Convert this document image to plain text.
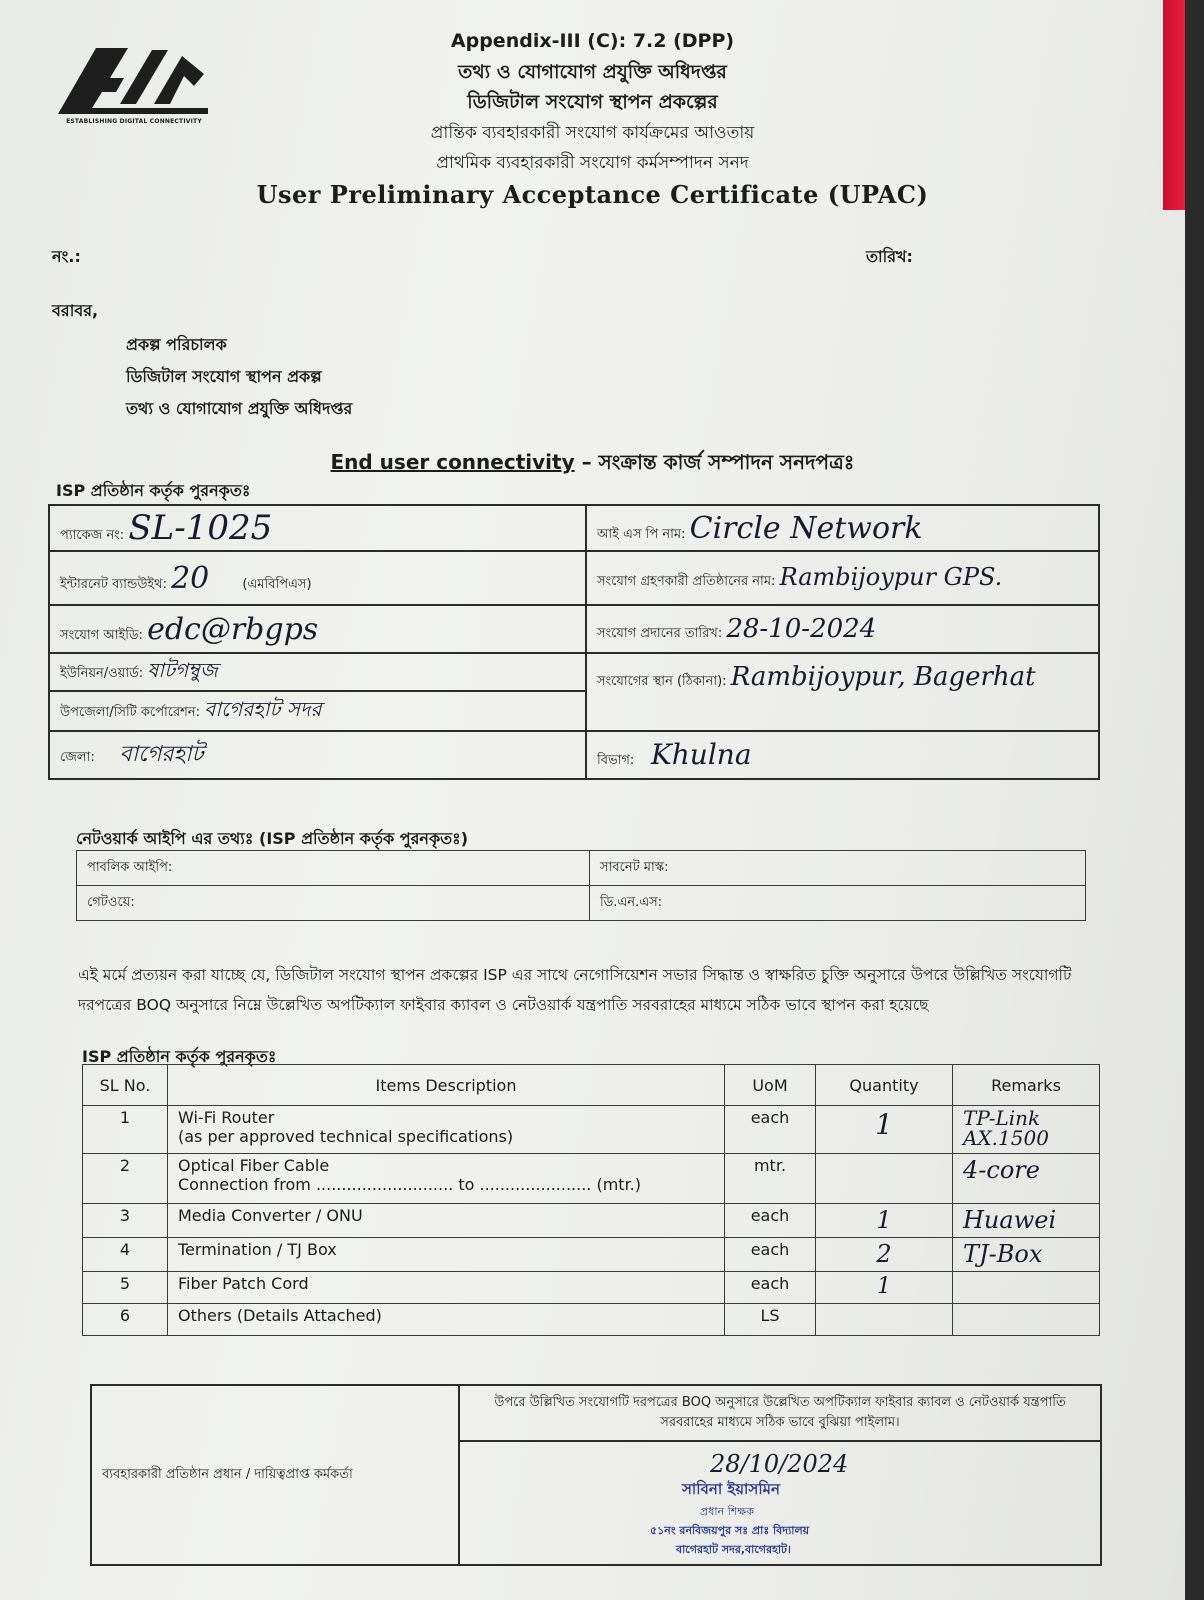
ESTABLISHING DIGITAL CONNECTIVITY
Appendix-III (C): 7.2 (DPP)
তথ্য ও যোগাযোগ প্রযুক্তি অধিদপ্তর
ডিজিটাল সংযোগ স্থাপন প্রকল্পের
প্রান্তিক ব্যবহারকারী সংযোগ কার্যক্রমের আওতায়
প্রাথমিক ব্যবহারকারী সংযোগ কর্মসম্পাদন সনদ
User Preliminary Acceptance Certificate (UPAC)
নং.:	তারিখ:
বরাবর,
প্রকল্প পরিচালক
ডিজিটাল সংযোগ স্থাপন প্রকল্প
তথ্য ও যোগাযোগ প্রযুক্তি অধিদপ্তর
End user connectivity – সংক্রান্ত কার্জ সম্পাদন সনদপত্রঃ
ISP প্রতিষ্ঠান কর্তৃক পুরনকৃতঃ
প্যাকেজ নং: SL-1025	আই এস পি নাম: Circle Network
ইন্টারনেট ব্যান্ডউইথ: 20 (এমবিপিএস)	সংযোগ গ্রহণকারী প্রতিষ্ঠানের নাম: Rambijoypur GPS.
সংযোগ আইডি: edc@rbgps	সংযোগ প্রদানের তারিখ: 28-10-2024
ইউনিয়ন/ওয়ার্ড: ষাটগম্বুজ	সংযোগের স্থান (ঠিকানা): Rambijoypur, Bagerhat
উপজেলা/সিটি কর্পোরেশন: বাগেরহাট সদর	
জেলা: বাগেরহাট	বিভাগ: Khulna
নেটওয়ার্ক আইপি এর তথ্যঃ (ISP প্রতিষ্ঠান কর্তৃক পুরনকৃতঃ)
পাবলিক আইপি:	সাবনেট মাস্ক:
গেটওয়ে:	ডি.এন.এস:
এই মর্মে প্রত্যয়ন করা যাচ্ছে যে, ডিজিটাল সংযোগ স্থাপন প্রকল্পের ISP এর সাথে নেগোসিয়েশন সভার সিদ্ধান্ত ও স্বাক্ষরিত চুক্তি অনুসারে উপরে উল্লিখিত সংযোগটি দরপত্রের BOQ অনুসারে নিম্নে উল্লেখিত অপটিক্যাল ফাইবার ক্যাবল ও নেটওয়ার্ক যন্ত্রপাতি সরবরাহের মাধ্যমে সঠিক ভাবে স্থাপন করা হয়েছে
ISP প্রতিষ্ঠান কর্তৃক পুরনকৃতঃ
SL No.	Items Description	UoM	Quantity	Remarks
1	Wi-Fi Router
(as per approved technical specifications)	each	1	TP-Link AX.1500
2	Optical Fiber Cable
Connection from ........................... to ...................... (mtr.)	mtr.		4-core
3	Media Converter / ONU	each	1	Huawei
4	Termination / TJ Box	each	2	TJ-Box
5	Fiber Patch Cord	each	1	
6	Others (Details Attached)	LS		
ব্যবহারকারী প্রতিষ্ঠান প্রধান / দায়িত্বপ্রাপ্ত কর্মকর্তা	উপরে উল্লিখিত সংযোগটি দরপত্রের BOQ অনুসারে উল্লেখিত অপটিক্যাল ফাইবার ক্যাবল ও নেটওয়ার্ক যন্ত্রপাতি সরবরাহের মাধ্যমে সঠিক ভাবে বুঝিয়া পাইলাম।

28/10/2024
সাবিনা ইয়াসমিন
প্রধান শিক্ষক
৫১নং রনবিজয়পুর সঃ প্রাঃ বিদ্যালয়
বাগেরহাট সদর,বাগেরহাট।
